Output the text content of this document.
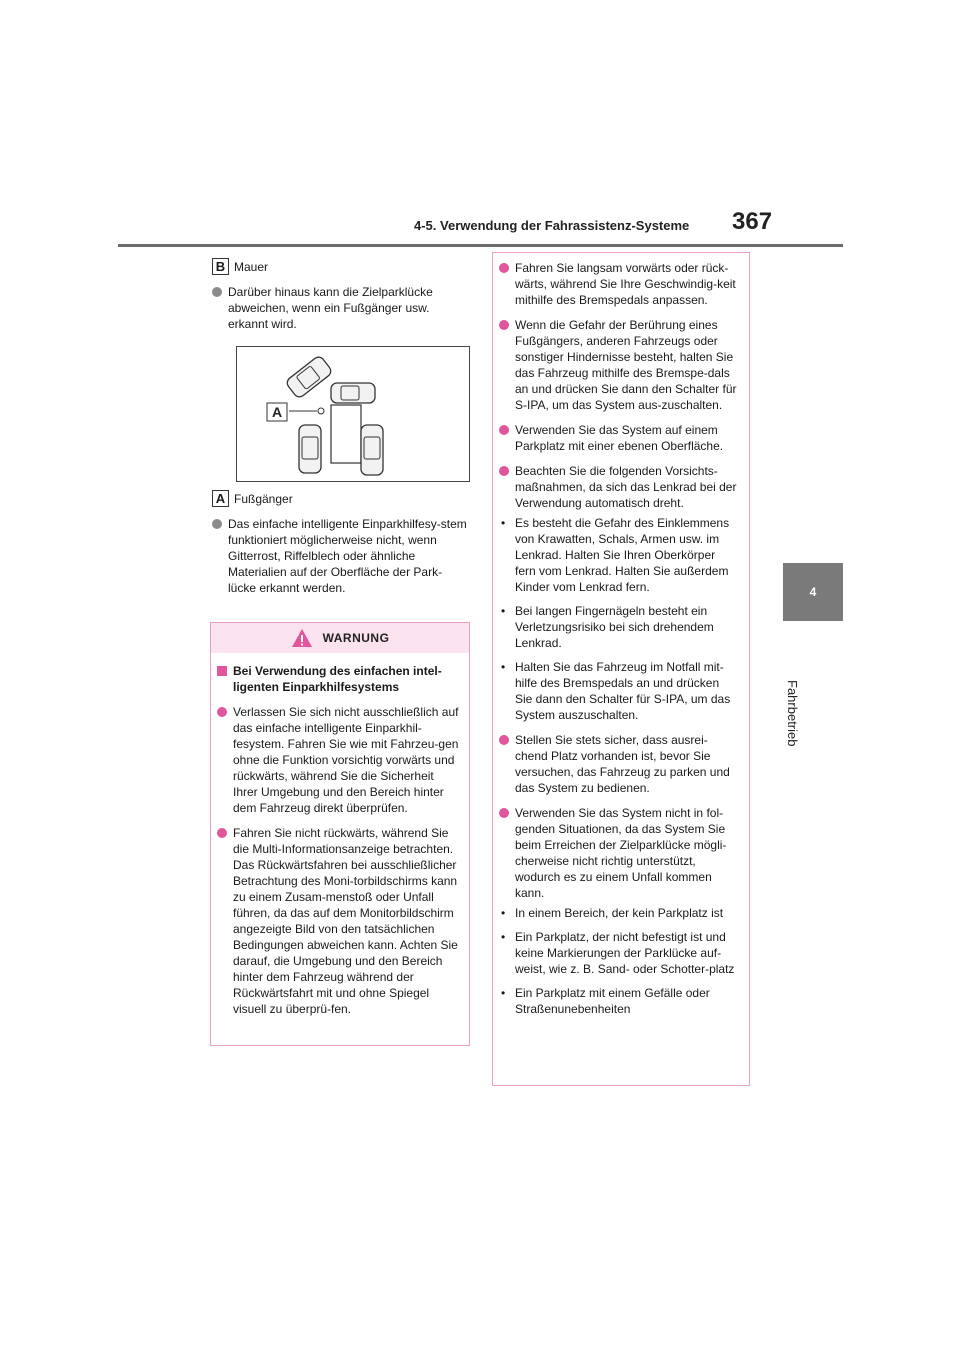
4-5. Verwendung der Fahrassistenz-Systeme 367
4
Fahrbetrieb
B Mauer
Darüber hinaus kann die Zielparklücke abweichen, wenn ein Fußgänger usw. erkannt wird.
A
A Fußgänger
Das einfache intelligente Einparkhilfesy-stem funktioniert möglicherweise nicht, wenn Gitterrost, Riffelblech oder ähnliche Materialien auf der Oberfläche der Park-lücke erkannt werden.
WARNUNG
Bei Verwendung des einfachen intel-ligenten Einparkhilfesystems
Verlassen Sie sich nicht ausschließlich auf das einfache intelligente Einparkhil-fesystem. Fahren Sie wie mit Fahrzeu-gen ohne die Funktion vorsichtig vorwärts und rückwärts, während Sie die Sicherheit Ihrer Umgebung und den Bereich hinter dem Fahrzeug direkt überprüfen.
Fahren Sie nicht rückwärts, während Sie die Multi-Informationsanzeige betrachten. Das Rückwärtsfahren bei ausschließlicher Betrachtung des Moni-torbildschirms kann zu einem Zusam-menstoß oder Unfall führen, da das auf dem Monitorbildschirm angezeigte Bild von den tatsächlichen Bedingungen abweichen kann. Achten Sie darauf, die Umgebung und den Bereich hinter dem Fahrzeug während der Rückwärtsfahrt mit und ohne Spiegel visuell zu überprü-fen.
Fahren Sie langsam vorwärts oder rück-wärts, während Sie Ihre Geschwindig-keit mithilfe des Bremspedals anpassen.
Wenn die Gefahr der Berührung eines Fußgängers, anderen Fahrzeugs oder sonstiger Hindernisse besteht, halten Sie das Fahrzeug mithilfe des Bremspe-dals an und drücken Sie dann den Schalter für S-IPA, um das System aus-zuschalten.
Verwenden Sie das System auf einem Parkplatz mit einer ebenen Oberfläche.
Beachten Sie die folgenden Vorsichts-maßnahmen, da sich das Lenkrad bei der Verwendung automatisch dreht.
• Es besteht die Gefahr des Einklemmens von Krawatten, Schals, Armen usw. im Lenkrad. Halten Sie Ihren Oberkörper fern vom Lenkrad. Halten Sie außerdem Kinder vom Lenkrad fern.
• Bei langen Fingernägeln besteht ein Verletzungsrisiko bei sich drehendem Lenkrad.
• Halten Sie das Fahrzeug im Notfall mit-hilfe des Bremspedals an und drücken Sie dann den Schalter für S-IPA, um das System auszuschalten.
Stellen Sie stets sicher, dass ausrei-chend Platz vorhanden ist, bevor Sie versuchen, das Fahrzeug zu parken und das System zu bedienen.
Verwenden Sie das System nicht in fol-genden Situationen, da das System Sie beim Erreichen der Zielparklücke mögli-cherweise nicht richtig unterstützt, wodurch es zu einem Unfall kommen kann.
• In einem Bereich, der kein Parkplatz ist
• Ein Parkplatz, der nicht befestigt ist und keine Markierungen der Parklücke auf-weist, wie z. B. Sand- oder Schotter-platz
• Ein Parkplatz mit einem Gefälle oder Straßenunebenheiten
